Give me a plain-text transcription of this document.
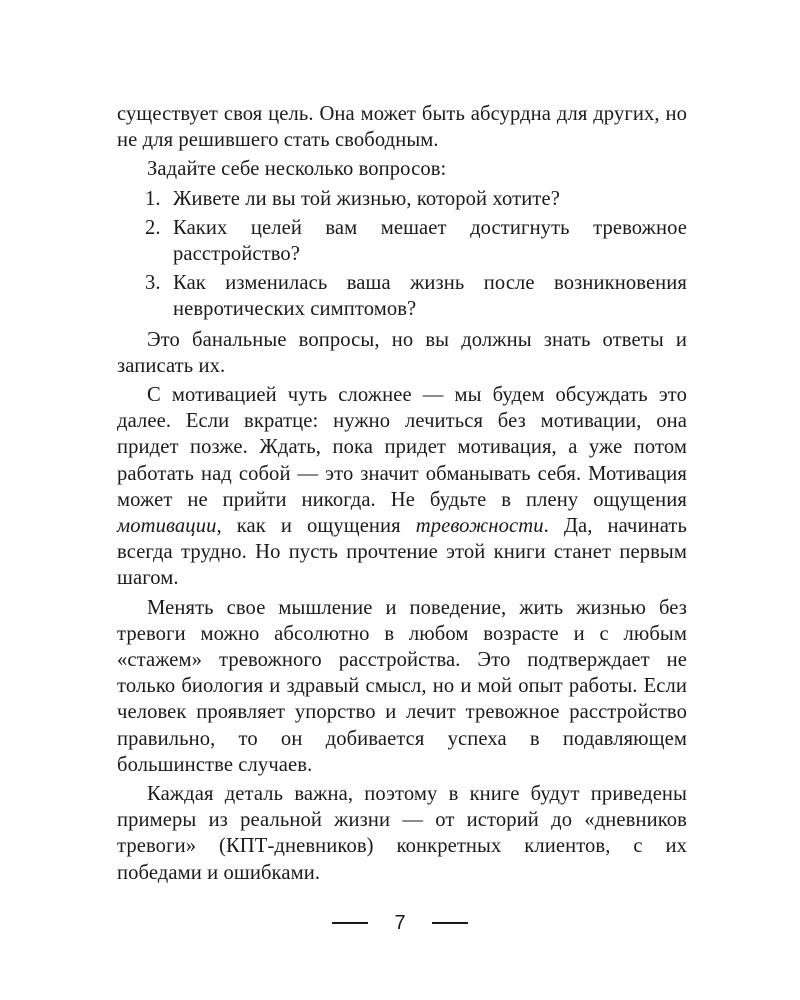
существует своя цель. Она может быть абсурдна для других, но не для решившего стать свободным.

Задайте себе несколько вопросов:

1. Живете ли вы той жизнью, которой хотите?
2. Каких целей вам мешает достигнуть тревожное расстройство?
3. Как изменилась ваша жизнь после возникновения невротических симптомов?

Это банальные вопросы, но вы должны знать ответы и записать их.

С мотивацией чуть сложнее — мы будем обсуждать это далее. Если вкратце: нужно лечиться без мотивации, она придет позже. Ждать, пока придет мотивация, а уже потом работать над собой — это значит обманывать себя. Мотивация может не прийти никогда. Не будьте в плену ощущения мотивации, как и ощущения тревожности. Да, начинать всегда трудно. Но пусть прочтение этой книги станет первым шагом.

Менять свое мышление и поведение, жить жизнью без тревоги можно абсолютно в любом возрасте и с любым «стажем» тревожного расстройства. Это подтверждает не только биология и здравый смысл, но и мой опыт работы. Если человек проявляет упорство и лечит тревожное расстройство правильно, то он добивается успеха в подавляющем большинстве случаев.

Каждая деталь важна, поэтому в книге будут приведены примеры из реальной жизни — от историй до «дневников тревоги» (КПТ-дневников) конкретных клиентов, с их победами и ошибками.

7
